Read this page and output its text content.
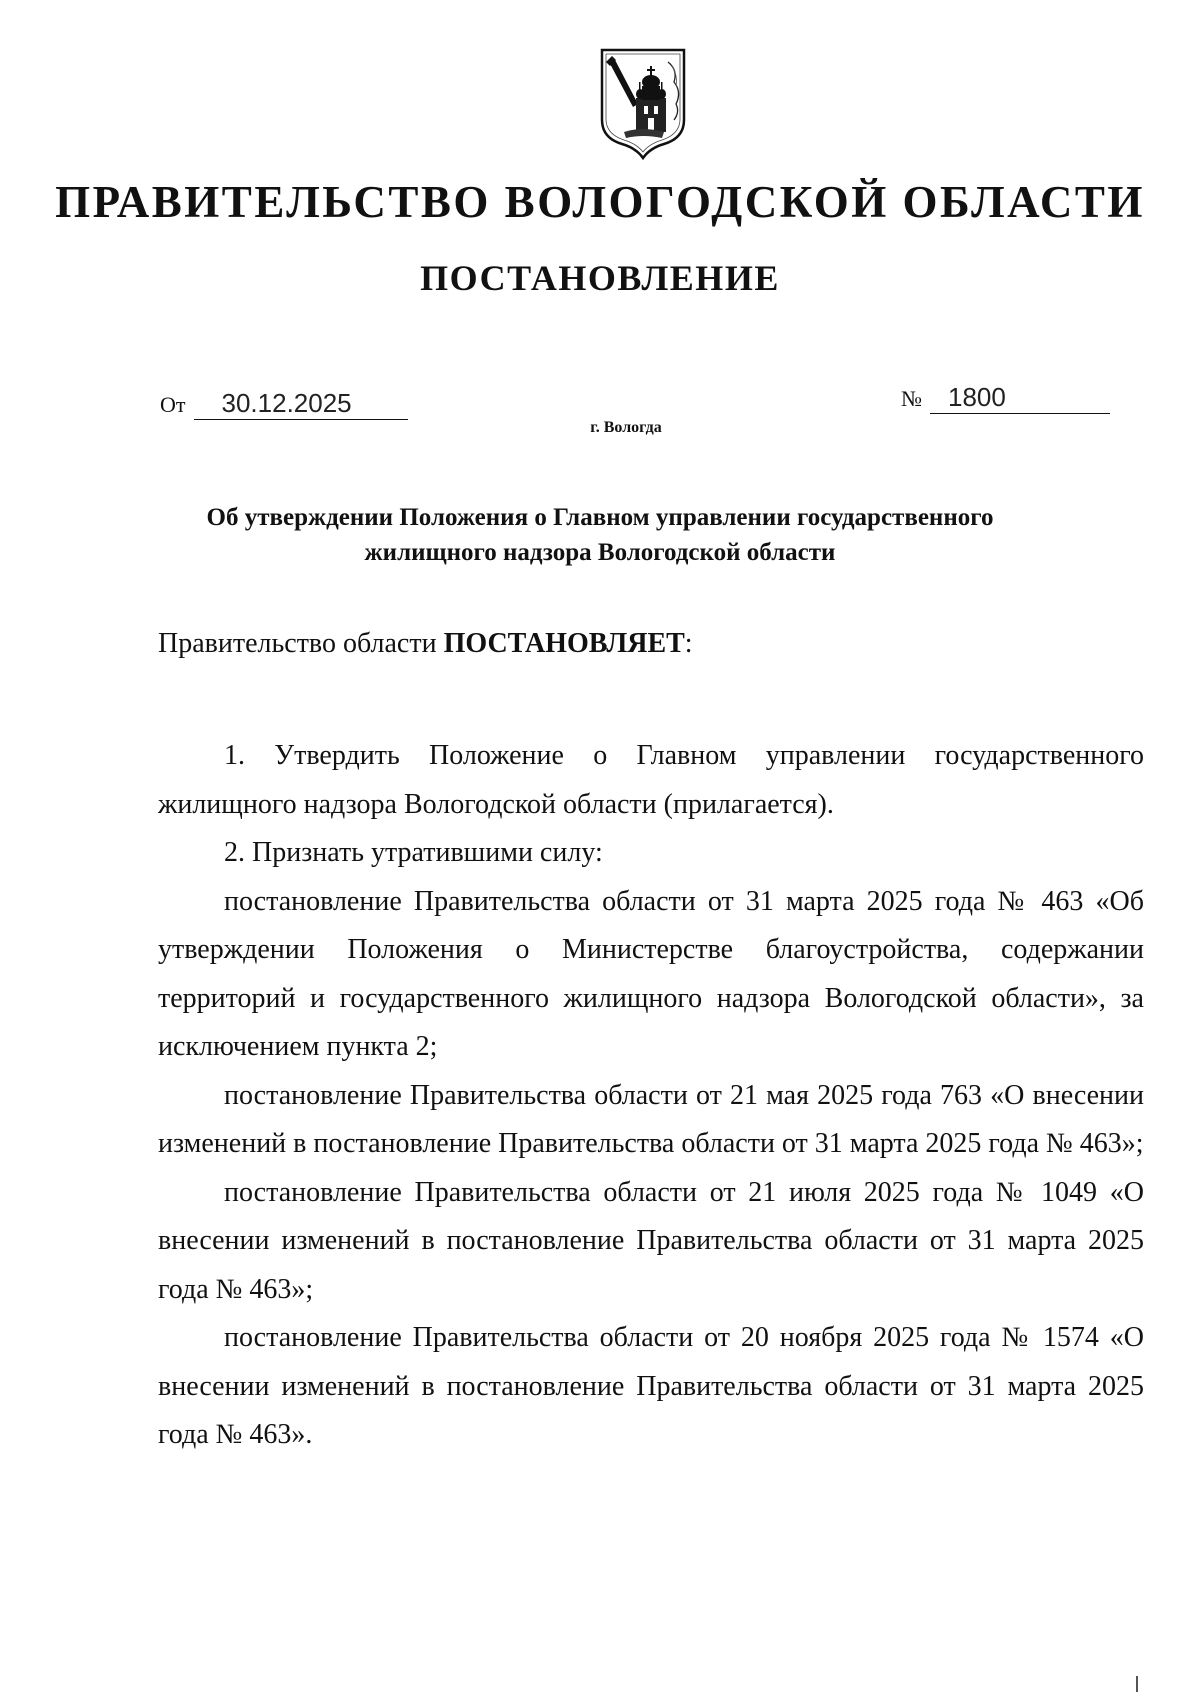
ПРАВИТЕЛЬСТВО ВОЛОГОДСКОЙ ОБЛАСТИ
ПОСТАНОВЛЕНИЕ
От 30.12.2025	№ 1800
г. Вологда
Об утверждении Положения о Главном управлении государственного
жилищного надзора Вологодской области

Правительство области ПОСТАНОВЛЯЕТ:

1. Утвердить Положение о Главном управлении государственного жилищного надзора Вологодской области (прилагается).

2. Признать утратившими силу:

постановление Правительства области от 31 марта 2025 года № 463 «Об утверждении Положения о Министерстве благоустройства, содержании территорий и государственного жилищного надзора Вологодской области», за исключением пункта 2;

постановление Правительства области от 21 мая 2025 года 763 «О внесении изменений в постановление Правительства области от 31 марта 2025 года № 463»;

постановление Правительства области от 21 июля 2025 года № 1049 «О внесении изменений в постановление Правительства области от 31 марта 2025 года № 463»;

постановление Правительства области от 20 ноября 2025 года № 1574 «О внесении изменений в постановление Правительства области от 31 марта 2025 года № 463».
